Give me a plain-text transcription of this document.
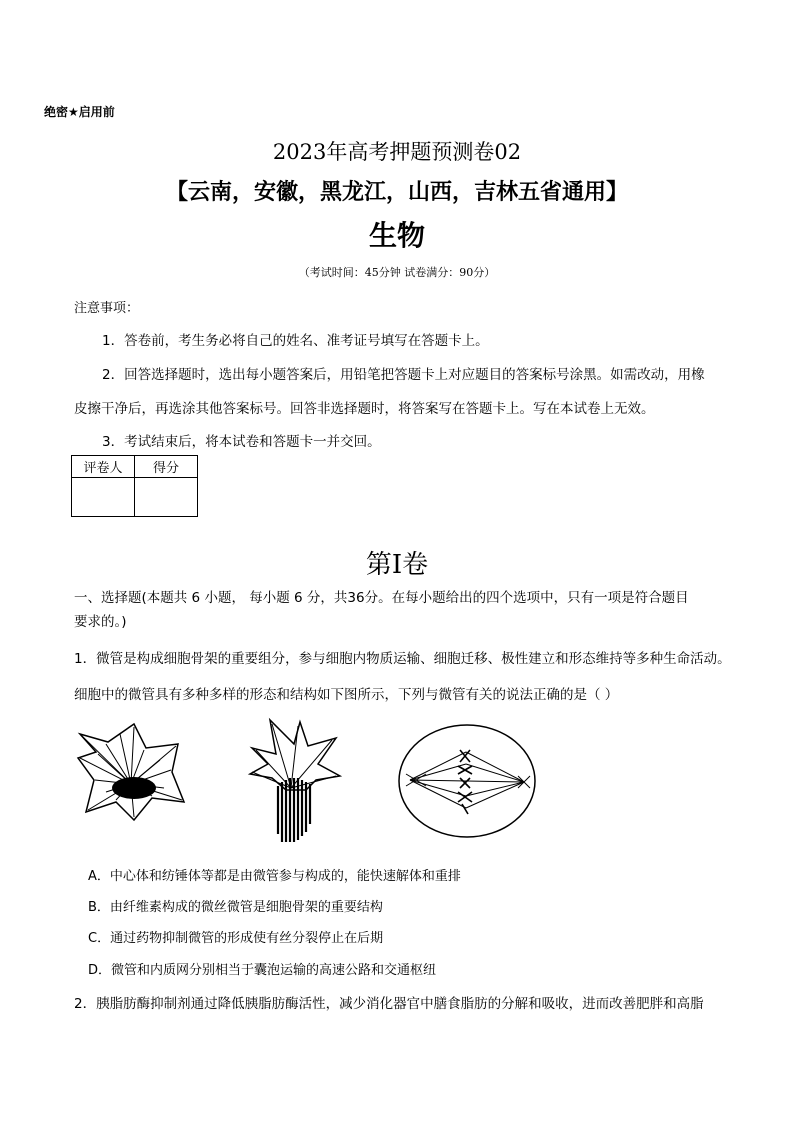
绝密★启用前
2023年高考押题预测卷02
【云南，安徽，黑龙江，山西，吉林五省通用】
生物
（考试时间：45分钟 试卷满分：90分）
注意事项：
1．答卷前，考生务必将自己的姓名、准考证号填写在答题卡上。
2．回答选择题时，选出每小题答案后，用铅笔把答题卡上对应题目的答案标号涂黑。如需改动，用橡
皮擦干净后，再选涂其他答案标号。回答非选择题时，将答案写在答题卡上。写在本试卷上无效。
3．考试结束后，将本试卷和答题卡一并交回。
评卷人	得分

第I卷
一、选择题(本题共 6 小题， 每小题 6 分，共36分。在每小题给出的四个选项中，只有一项是符合题目
要求的。)
1．微管是构成细胞骨架的重要组分，参与细胞内物质运输、细胞迁移、极性建立和形态维持等多种生命活动。
细胞中的微管具有多种多样的形态和结构如下图所示，下列与微管有关的说法正确的是（ ）
A．中心体和纺锤体等都是由微管参与构成的，能快速解体和重排
B．由纤维素构成的微丝微管是细胞骨架的重要结构
C．通过药物抑制微管的形成使有丝分裂停止在后期
D．微管和内质网分别相当于囊泡运输的高速公路和交通枢纽
2．胰脂肪酶抑制剂通过降低胰脂肪酶活性，减少消化器官中膳食脂肪的分解和吸收，进而改善肥胖和高脂
